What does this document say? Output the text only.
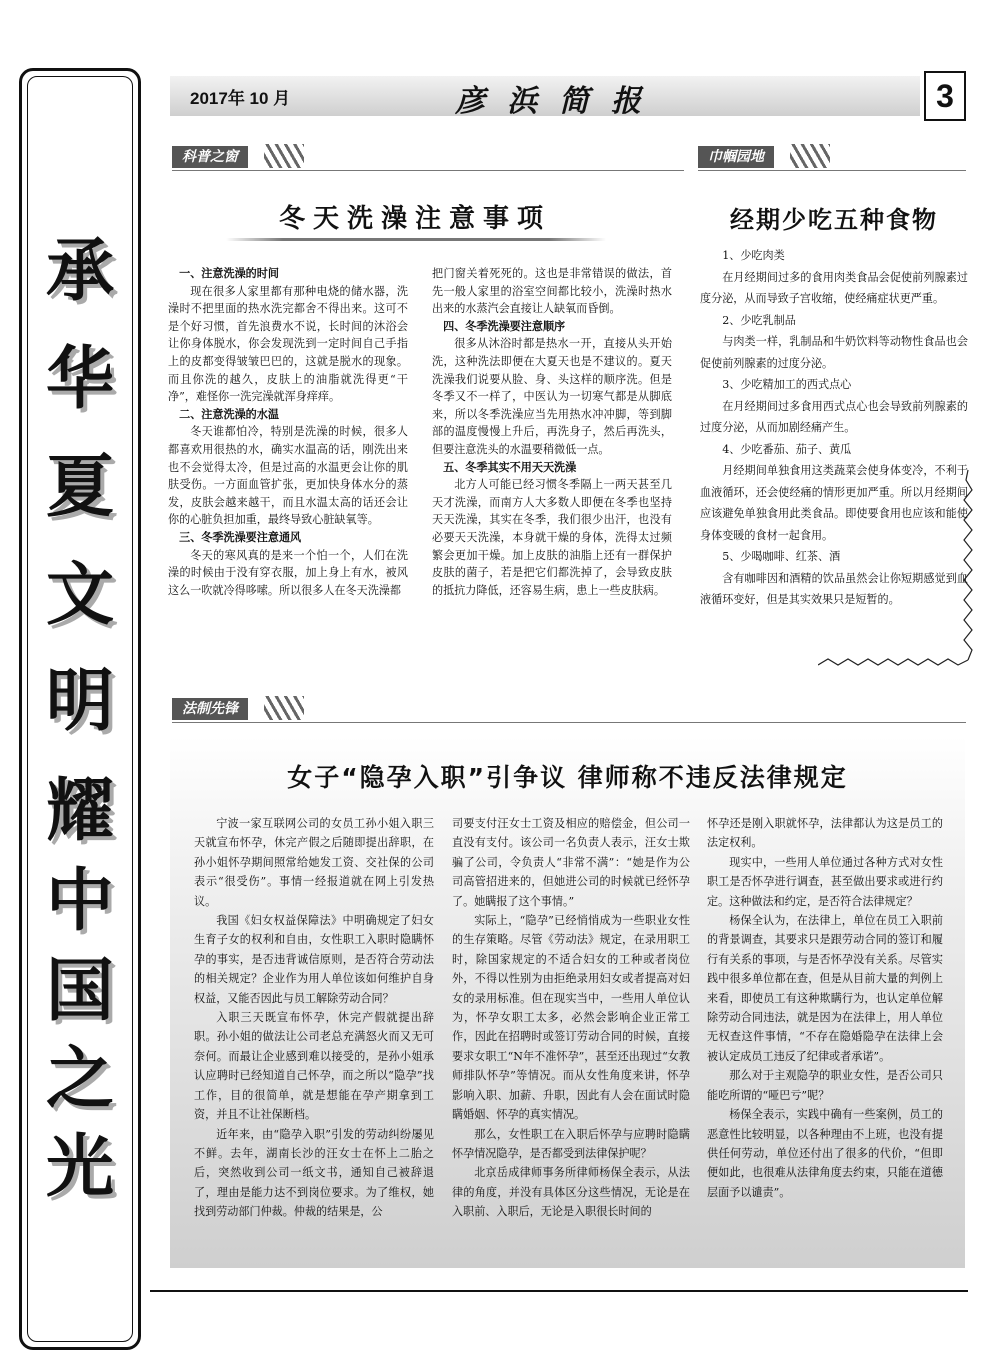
承
华
夏
文
明
耀
中
国
之
光
2017年 10 月	彦浜简报	3
科普之窗
冬天洗澡注意事项

一、注意洗澡的时间

现在很多人家里都有那种电烧的储水器，洗澡时不把里面的热水洗完都舍不得出来。这可不是个好习惯，首先浪费水不说，长时间的沐浴会让你身体脱水，你会发现洗到一定时间自己手指上的皮都变得皱皱巴巴的，这就是脱水的现象。而且你洗的越久，皮肤上的油脂就洗得更“干净”，难怪你一洗完澡就浑身痒痒。

二、注意洗澡的水温

冬天谁都怕冷，特别是洗澡的时候，很多人都喜欢用很热的水，确实水温高的话，刚洗出来也不会觉得太冷，但是过高的水温更会让你的肌肤受伤。一方面血管扩张，更加快身体水分的蒸发，皮肤会越来越干，而且水温太高的话还会让你的心脏负担加重，最终导致心脏缺氧等。

三、冬季洗澡要注意通风

冬天的寒风真的是来一个怕一个，人们在洗澡的时候由于没有穿衣服，加上身上有水，被风这么一吹就冷得哆嗦。所以很多人在冬天洗澡都

把门窗关着死死的。这也是非常错误的做法，首先一般人家里的浴室空间都比较小，洗澡时热水出来的水蒸汽会直接让人缺氧而昏倒。

四、冬季洗澡要注意顺序

很多从沐浴时都是热水一开，直接从头开始洗，这种洗法即便在大夏天也是不建议的。夏天洗澡我们说要从脸、身、头这样的顺序洗。但是冬季又不一样了，中医认为一切寒气都是从脚底来，所以冬季洗澡应当先用热水冲冲脚，等到脚部的温度慢慢上升后，再洗身子，然后再洗头，但要注意洗头的水温要稍微低一点。

五、冬季其实不用天天洗澡

北方人可能已经习惯冬季隔上一两天甚至几天才洗澡，而南方人大多数人即便在冬季也坚持天天洗澡，其实在冬季，我们很少出汗，也没有必要天天洗澡，本身就干燥的身体，洗得太过频繁会更加干燥。加上皮肤的油脂上还有一群保护皮肤的菌子，若是把它们都洗掉了，会导致皮肤的抵抗力降低，还容易生病，患上一些皮肤病。

巾帼园地
经期少吃五种食物

1、少吃肉类

在月经期间过多的食用肉类食品会促使前列腺素过度分泌，从而导致子宫收缩，使经痛症状更严重。

2、少吃乳制品

与肉类一样，乳制品和牛奶饮料等动物性食品也会促使前列腺素的过度分泌。

3、少吃精加工的西式点心

在月经期间过多食用西式点心也会导致前列腺素的过度分泌，从而加剧经痛产生。

4、少吃番茄、茄子、黄瓜

月经期间单独食用这类蔬菜会使身体变冷，不利于血液循环，还会使经痛的情形更加严重。所以月经期间应该避免单独食用此类食品。即使要食用也应该和能使身体变暖的食材一起食用。

5、少喝咖啡、红茶、酒

含有咖啡因和酒精的饮品虽然会让你短期感觉到血液循环变好，但是其实效果只是短暂的。

法制先锋
女子“隐孕入职”引争议 律师称不违反法律规定

宁波一家互联网公司的女员工孙小姐入职三天就宣布怀孕，休完产假之后随即提出辞职，在孙小姐怀孕期间照常给她发工资、交社保的公司表示“很受伤”。事情一经报道就在网上引发热议。

我国《妇女权益保障法》中明确规定了妇女生育子女的权利和自由，女性职工入职时隐瞒怀孕的事实，是否违背诚信原则，是否符合劳动法的相关规定？企业作为用人单位该如何维护自身权益，又能否因此与员工解除劳动合同？

入职三天既宣布怀孕，休完产假就提出辞职。孙小姐的做法让公司老总充满怒火而又无可奈何。而最让企业感到难以接受的，是孙小姐承认应聘时已经知道自己怀孕，而之所以“隐孕”找工作，目的很简单，就是想能在孕产期拿到工资，并且不让社保断档。

近年来，由“隐孕入职”引发的劳动纠纷屡见不鲜。去年，湖南长沙的汪女士在怀上二胎之后，突然收到公司一纸文书，通知自己被辞退了，理由是能力达不到岗位要求。为了维权，她找到劳动部门仲裁。仲裁的结果是，公

司要支付汪女士工资及相应的赔偿金，但公司一直没有支付。该公司一名负责人表示，汪女士欺骗了公司，令负责人“非常不满”：“她是作为公司高管招进来的，但她进公司的时候就已经怀孕了。她瞒报了这个事情。”

实际上，“隐孕”已经悄悄成为一些职业女性的生存策略。尽管《劳动法》规定，在录用职工时，除国家规定的不适合妇女的工种或者岗位外，不得以性别为由拒绝录用妇女或者提高对妇女的录用标准。但在现实当中，一些用人单位认为，怀孕女职工太多，必然会影响企业正常工作，因此在招聘时或签订劳动合同的时候，直接要求女职工“N年不准怀孕”，甚至还出现过“女教师排队怀孕”等情况。而从女性角度来讲，怀孕影响入职、加薪、升职，因此有人会在面试时隐瞒婚姻、怀孕的真实情况。

那么，女性职工在入职后怀孕与应聘时隐瞒怀孕情况隐孕，是否都受到法律保护呢？

北京岳成律师事务所律师杨保全表示，从法律的角度，并没有具体区分这些情况，无论是在入职前、入职后，无论是入职很长时间的

怀孕还是刚入职就怀孕，法律都认为这是员工的法定权利。

现实中，一些用人单位通过各种方式对女性职工是否怀孕进行调查，甚至做出要求或进行约定。这种做法和约定，是否符合法律规定？

杨保全认为，在法律上，单位在员工入职前的背景调查，其要求只是跟劳动合同的签订和履行有关系的事项，与是否怀孕没有关系。尽管实践中很多单位都在查，但是从目前大量的判例上来看，即使员工有这种欺瞒行为，也认定单位解除劳动合同违法，就是因为在法律上，用人单位无权查这件事情，“不存在隐婚隐孕在法律上会被认定成员工违反了纪律或者承诺”。

那么对于主观隐孕的职业女性，是否公司只能吃所谓的“哑巴亏”呢？

杨保全表示，实践中确有一些案例，员工的恶意性比较明显，以各种理由不上班，也没有提供任何劳动，单位还付出了很多的代价，“但即便如此，也很难从法律角度去约束，只能在道德层面予以谴责”。
